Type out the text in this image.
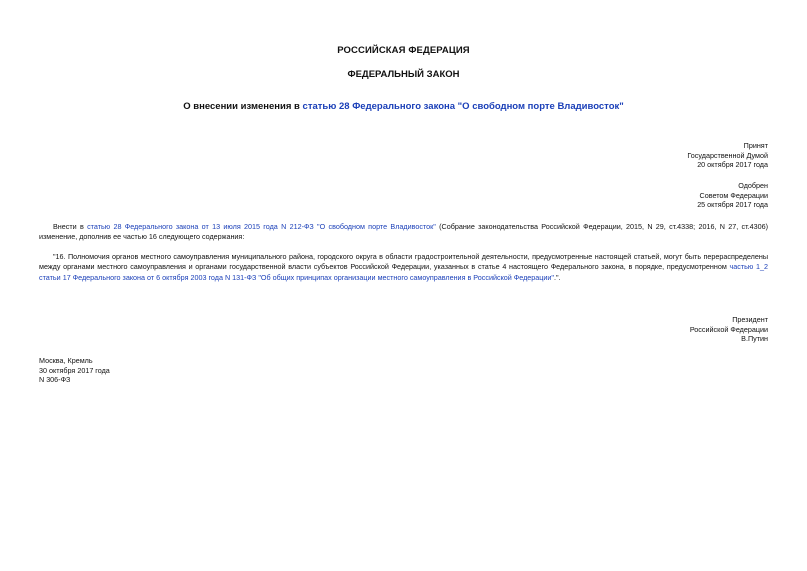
РОССИЙСКАЯ ФЕДЕРАЦИЯ
ФЕДЕРАЛЬНЫЙ ЗАКОН
О внесении изменения в статью 28 Федерального закона "О свободном порте Владивосток"
Принят
Государственной Думой
20 октября 2017 года
Одобрен
Советом Федерации
25 октября 2017 года
Внести в статью 28 Федерального закона от 13 июля 2015 года N 212-ФЗ "О свободном порте Владивосток" (Собрание законодательства Российской Федерации, 2015, N 29, ст.4338; 2016, N 27, ст.4306) изменение, дополнив ее частью 16 следующего содержания:
"16. Полномочия органов местного самоуправления муниципального района, городского округа в области градостроительной деятельности, предусмотренные настоящей статьей, могут быть перераспределены между органами местного самоуправления и органами государственной власти субъектов Российской Федерации, указанных в статье 4 настоящего Федерального закона, в порядке, предусмотренном частью 1_2 статьи 17 Федерального закона от 6 октября 2003 года N 131-ФЗ "Об общих принципах организации местного самоуправления в Российской Федерации".".
Президент
Российской Федерации
В.Путин
Москва, Кремль
30 октября 2017 года
N 306-ФЗ
